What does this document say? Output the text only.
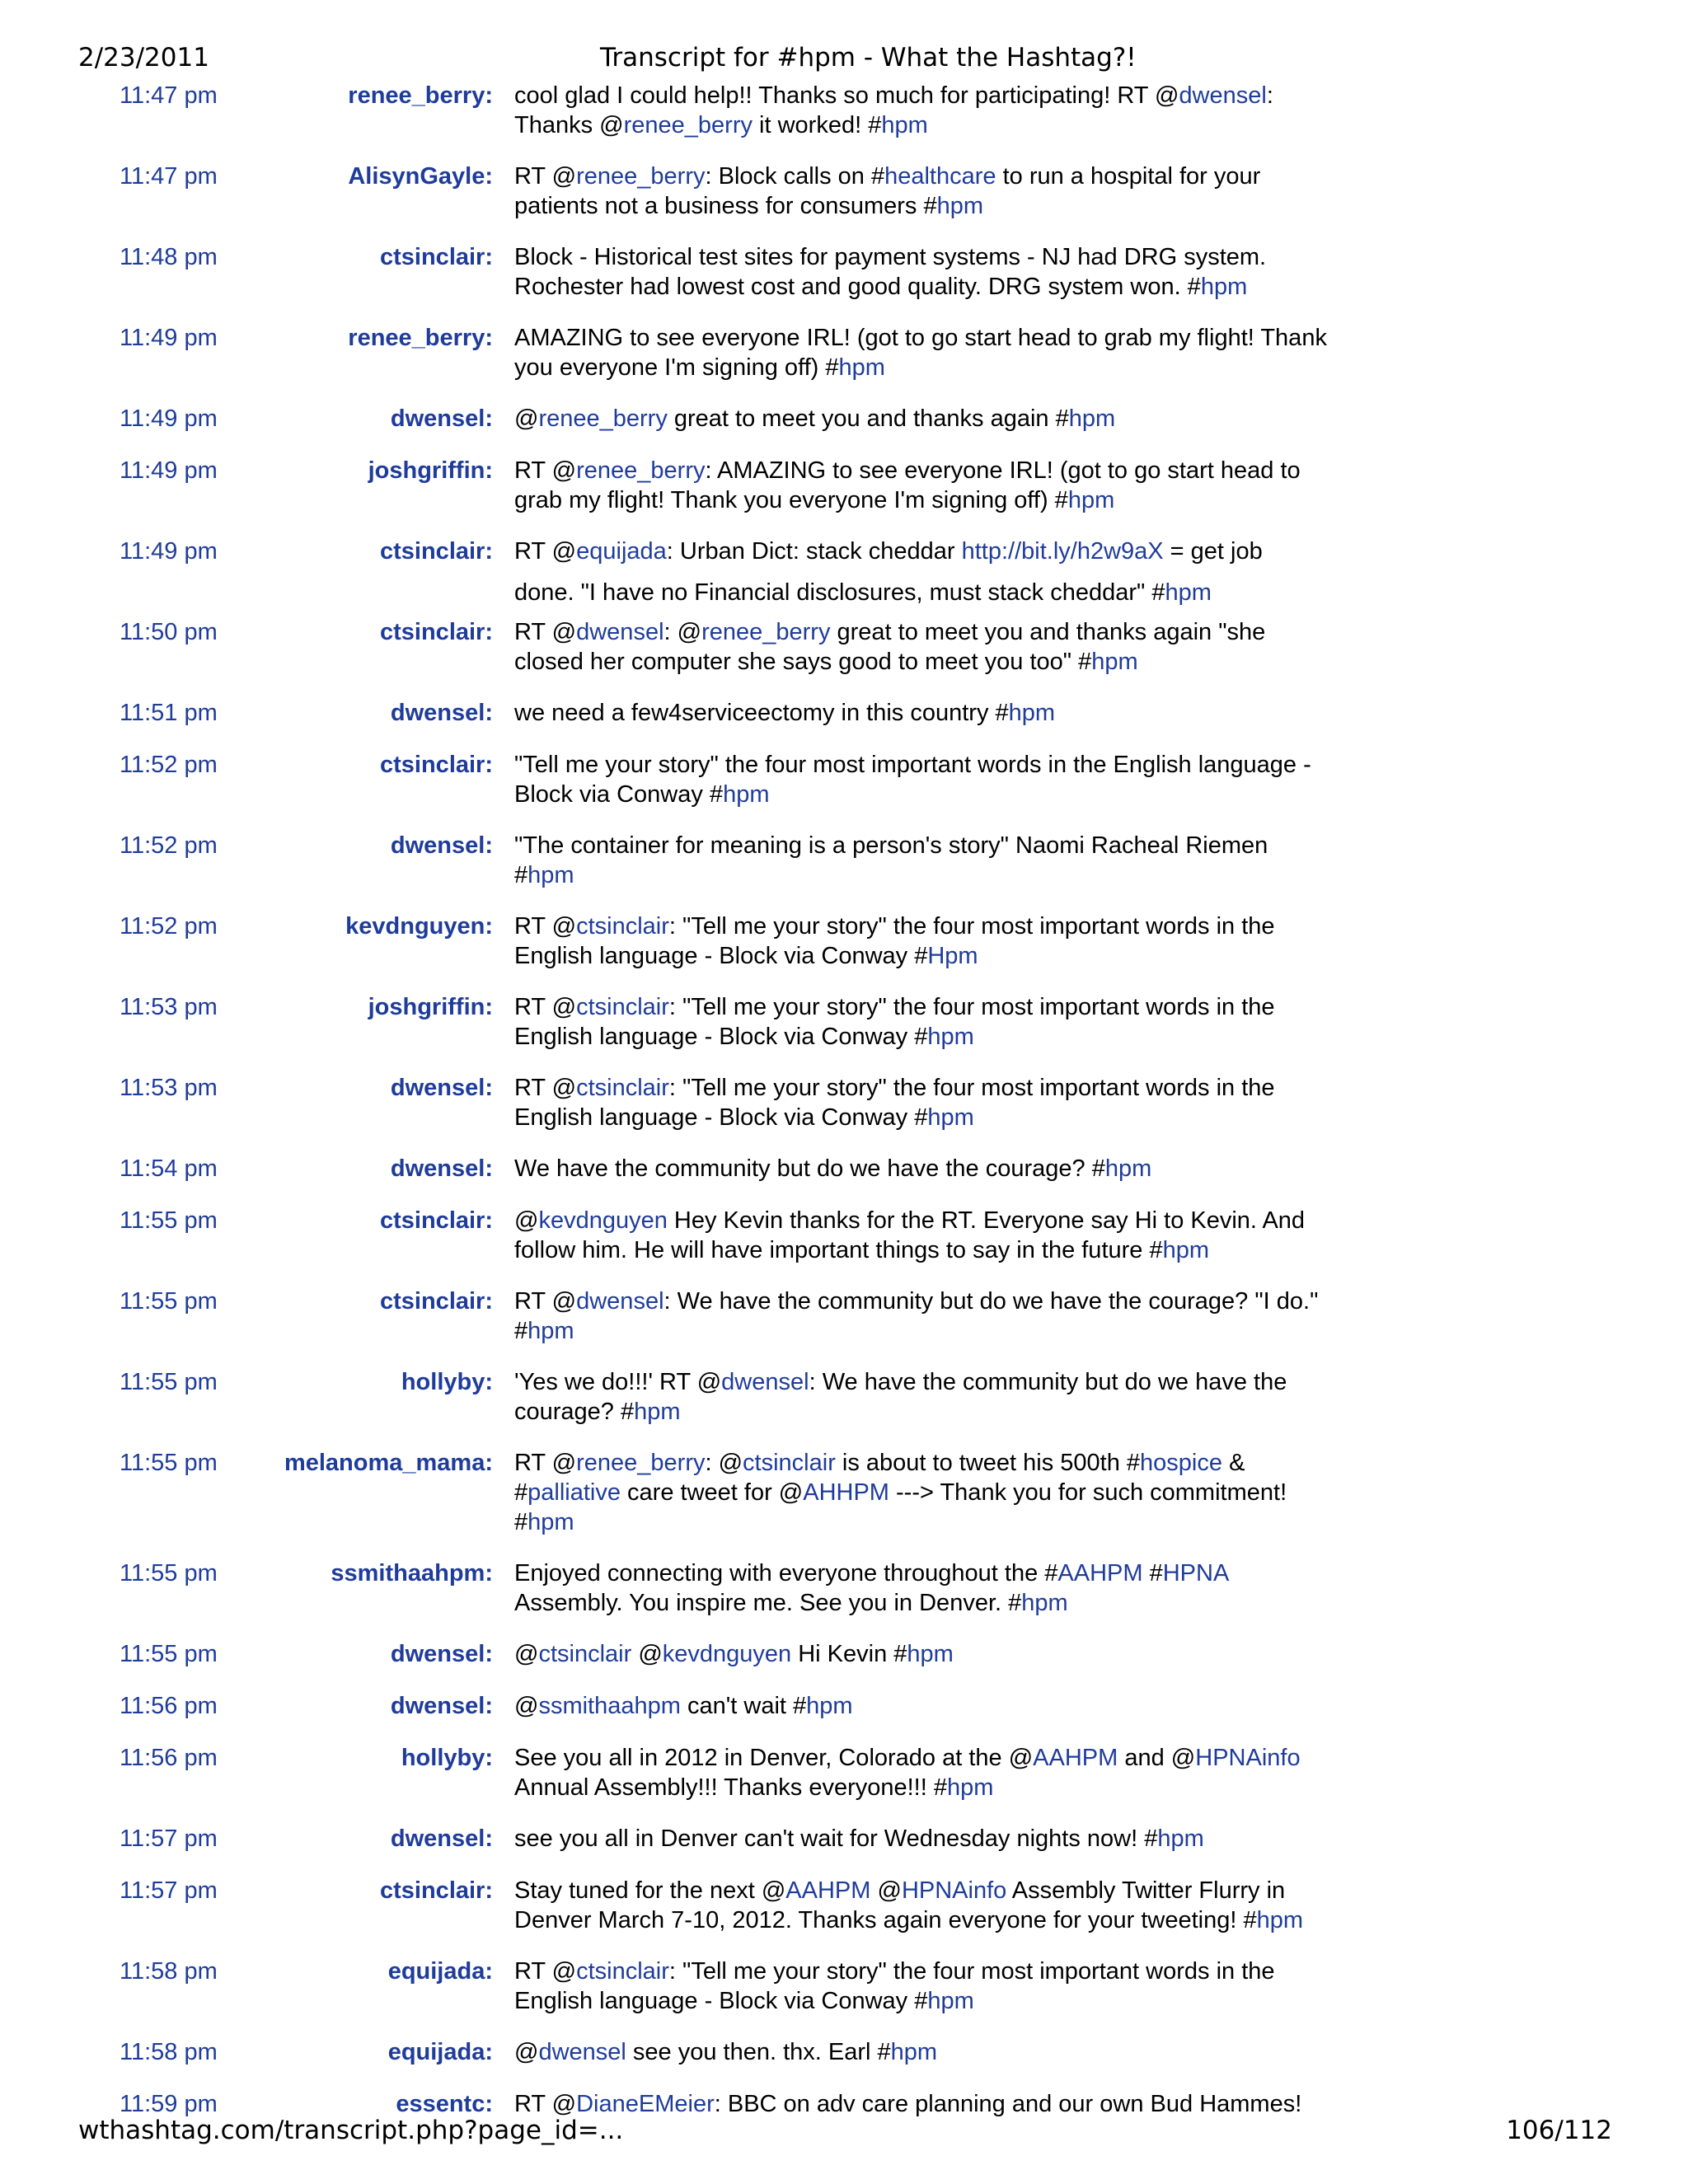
2/23/2011	Transcript for #hpm - What the Hashtag?!
11:47 pm	renee_berry: cool glad I could help!! Thanks so much for participating! RT @dwensel:
Thanks @renee_berry it worked! #hpm
11:47 pm	AlisynGayle: RT @renee_berry: Block calls on #healthcare to run a hospital for your
patients not a business for consumers #hpm
11:48 pm	ctsinclair: Block - Historical test sites for payment systems - NJ had DRG system.
Rochester had lowest cost and good quality. DRG system won. #hpm
11:49 pm	renee_berry: AMAZING to see everyone IRL! (got to go start head to grab my flight! Thank
you everyone I'm signing off) #hpm
11:49 pm	dwensel: @renee_berry great to meet you and thanks again #hpm
11:49 pm	joshgriffin: RT @renee_berry: AMAZING to see everyone IRL! (got to go start head to
grab my flight! Thank you everyone I'm signing off) #hpm
11:49 pm	ctsinclair: RT @equijada: Urban Dict: stack cheddar http://bit.ly/h2w9aX = get job

done. "I have no Financial disclosures, must stack cheddar" #hpm
11:50 pm	ctsinclair: RT @dwensel: @renee_berry great to meet you and thanks again "she
closed her computer she says good to meet you too" #hpm
11:51 pm	dwensel: we need a few4serviceectomy in this country #hpm
11:52 pm	ctsinclair: "Tell me your story" the four most important words in the English language -
Block via Conway #hpm
11:52 pm	dwensel: "The container for meaning is a person's story" Naomi Racheal Riemen
#hpm
11:52 pm	kevdnguyen: RT @ctsinclair: "Tell me your story" the four most important words in the
English language - Block via Conway #Hpm
11:53 pm	joshgriffin: RT @ctsinclair: "Tell me your story" the four most important words in the
English language - Block via Conway #hpm
11:53 pm	dwensel: RT @ctsinclair: "Tell me your story" the four most important words in the
English language - Block via Conway #hpm
11:54 pm	dwensel: We have the community but do we have the courage? #hpm
11:55 pm	ctsinclair: @kevdnguyen Hey Kevin thanks for the RT. Everyone say Hi to Kevin. And
follow him. He will have important things to say in the future #hpm
11:55 pm	ctsinclair: RT @dwensel: We have the community but do we have the courage? "I do."
#hpm
11:55 pm	hollyby: 'Yes we do!!!' RT @dwensel: We have the community but do we have the
courage? #hpm
11:55 pm	melanoma_mama: RT @renee_berry: @ctsinclair is about to tweet his 500th #hospice &
#palliative care tweet for @AHHPM ---> Thank you for such commitment!
#hpm
11:55 pm	ssmithaahpm: Enjoyed connecting with everyone throughout the #AAHPM #HPNA
Assembly. You inspire me. See you in Denver. #hpm
11:55 pm	dwensel: @ctsinclair @kevdnguyen Hi Kevin #hpm
11:56 pm	dwensel: @ssmithaahpm can't wait #hpm
11:56 pm	hollyby: See you all in 2012 in Denver, Colorado at the @AAHPM and @HPNAinfo
Annual Assembly!!! Thanks everyone!!! #hpm
11:57 pm	dwensel: see you all in Denver can't wait for Wednesday nights now! #hpm
11:57 pm	ctsinclair: Stay tuned for the next @AAHPM @HPNAinfo Assembly Twitter Flurry in
Denver March 7-10, 2012. Thanks again everyone for your tweeting! #hpm
11:58 pm	equijada: RT @ctsinclair: "Tell me your story" the four most important words in the
English language - Block via Conway #hpm
11:58 pm	equijada: @dwensel see you then. thx. Earl #hpm
11:59 pm	essentc: RT @DianeEMeier: BBC on adv care planning and our own Bud Hammes!
wthashtag.com/transcript.php?page_id=...	106/112
